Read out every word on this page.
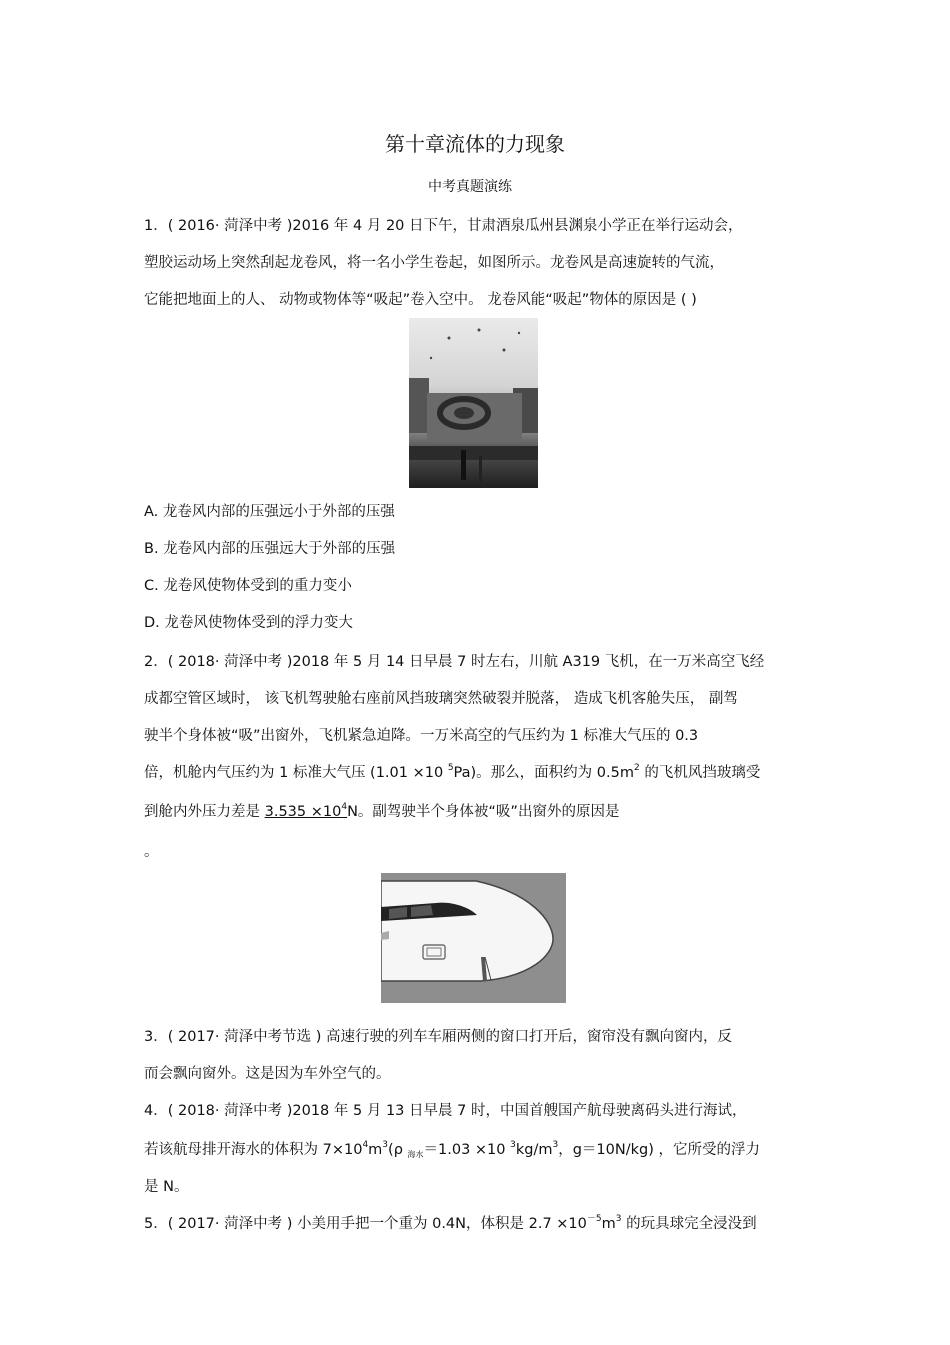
第十章流体的力现象
中考真题演练
1．( 2016· 菏泽中考 )2016 年 4 月 20 日下午，甘肃酒泉瓜州县渊泉小学正在举行运动会，
塑胶运动场上突然刮起龙卷风，将一名小学生卷起，如图所示。龙卷风是高速旋转的气流，
它能把地面上的人、 动物或物体等“吸起”卷入空中。 龙卷风能“吸起”物体的原因是 ( )
A. 龙卷风内部的压强远小于外部的压强
B. 龙卷风内部的压强远大于外部的压强
C. 龙卷风使物体受到的重力变小
D. 龙卷风使物体受到的浮力变大
2．( 2018· 菏泽中考 )2018 年 5 月 14 日早晨 7 时左右，川航 A319 飞机，在一万米高空飞经
成都空管区域时， 该飞机驾驶舱右座前风挡玻璃突然破裂并脱落， 造成飞机客舱失压， 副驾
驶半个身体被“吸”出窗外，飞机紧急迫降。一万米高空的气压约为 1 标准大气压的 0.3
倍，机舱内气压约为 1 标准大气压 (1.01 ×10 $^5$Pa)。那么，面积约为 $0.5m^2$ 的飞机风挡玻璃受
到舱内外压力差是 $3.535 \times 10^4N$。副驾驶半个身体被“吸”出窗外的原因是
。
3．( 2017· 菏泽中考节选 ) 高速行驶的列车车厢两侧的窗口打开后，窗帘没有飘向窗内，反
而会飘向窗外。这是因为车外空气的。
4．( 2018· 菏泽中考 )2018 年 5 月 13 日早晨 7 时，中国首艘国产航母驶离码头进行海试，
若该航母排开海水的体积为 $7\times 10^4m^3(\rho$ $_{海水}$＝1.03 ×10 $^3kg/m^3$，g＝10N/kg) ，它所受的浮力
是 N。
5．( 2017· 菏泽中考 ) 小美用手把一个重为 0.4N，体积是 $2.7 \times 10^{-5}m^3$ 的玩具球完全浸没到
